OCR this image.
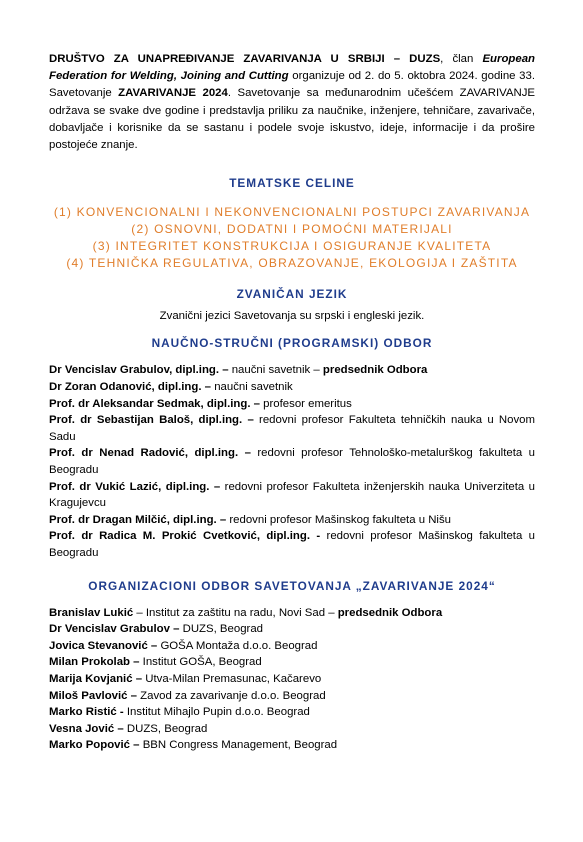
DRUŠTVO ZA UNAPREĐIVANJE ZAVARIVANJA U SRBIJI – DUZS, član European Federation for Welding, Joining and Cutting organizuje od 2. do 5. oktobra 2024. godine 33. Savetovanje ZAVARIVANJE 2024. Savetovanje sa međunarodnim učešćem ZAVARIVANJE održava se svake dve godine i predstavlja priliku za naučnike, inženjere, tehničare, zavarivače, dobavljače i korisnike da se sastanu i podele svoje iskustvo, ideje, informacije i da prošire postojeće znanje.

TEMATSKE CELINE
(1) KONVENCIONALNI I NEKONVENCIONALNI POSTUPCI ZAVARIVANJA
(2) OSNOVNI, DODATNI I POMOĆNI MATERIJALI
(3) INTEGRITET KONSTRUKCIJA I OSIGURANJE KVALITETA
(4) TEHNIČKA REGULATIVA, OBRAZOVANJE, EKOLOGIJA I ZAŠTITA
ZVANIČAN JEZIK

Zvanični jezici Savetovanja su srpski i engleski jezik.

NAUČNO-STRUČNI (PROGRAMSKI) ODBOR
Dr Vencislav Grabulov, dipl.ing. – naučni savetnik – predsednik Odbora
Dr Zoran Odanović, dipl.ing. – naučni savetnik
Prof. dr Aleksandar Sedmak, dipl.ing. – profesor emeritus
Prof. dr Sebastijan Baloš, dipl.ing. – redovni profesor Fakulteta tehničkih nauka u Novom Sadu
Prof. dr Nenad Radović, dipl.ing. – redovni profesor Tehnološko-metalurškog fakulteta u Beogradu
Prof. dr Vukić Lazić, dipl.ing. – redovni profesor Fakulteta inženjerskih nauka Univerziteta u Kragujevcu
Prof. dr Dragan Milčić, dipl.ing. – redovni profesor Mašinskog fakulteta u Nišu
Prof. dr Radica M. Prokić Cvetković, dipl.ing. - redovni profesor Mašinskog fakulteta u Beogradu
ORGANIZACIONI ODBOR SAVETOVANJA „ZAVARIVANJE 2024“
Branislav Lukić – Institut za zaštitu na radu, Novi Sad – predsednik Odbora
Dr Vencislav Grabulov – DUZS, Beograd
Jovica Stevanović – GOŠA Montaža d.o.o. Beograd
Milan Prokolab – Institut GOŠA, Beograd
Marija Kovjanić – Utva-Milan Premasunac, Kačarevo
Miloš Pavlović – Zavod za zavarivanje d.o.o. Beograd
Marko Ristić - Institut Mihajlo Pupin d.o.o. Beograd
Vesna Jović – DUZS, Beograd
Marko Popović – BBN Congress Management, Beograd
